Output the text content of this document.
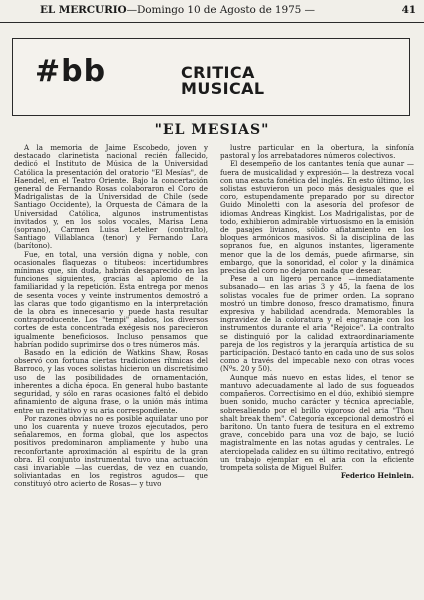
EL MERCURIO—Domingo 10 de Agosto de 1975 —	41
#bb	CRITICA
MUSICAL
"EL MESIAS"

A la memoria de Jaime Escobedo, joven y destacado clarinetista nacional recién fallecido, dedicó el Instituto de Música de la Universidad Católica la presentación del oratorio "El Mesías", de Haendel, en el Teatro Oriente. Bajo la concertación general de Fernando Rosas colaboraron el Coro de Madrigalistas de la Universidad de Chile (sede Santiago Occidente), la Orquesta de Cámara de la Universidad Católica, algunos instrumentistas invitados y, en los solos vocales, Marisa Lena (soprano), Carmen Luisa Letelier (contralto), Santiago Villablanca (tenor) y Fernando Lara (barítono).

Fue, en total, una versión digna y noble, con ocasionales flaquezas o titubeos: incertidumbres mínimas que, sin duda, habrán desaparecido en las funciones siguientes, gracias al aplomo de la familiaridad y la repetición. Esta entrega por menos de sesenta voces y veinte instrumentos demostró a las claras que todo gigantismo en la interpretación de la obra es innecesario y puede hasta resultar contraproducente. Los "tempi" alados, los diversos cortes de esta concentrada exégesis nos parecieron igualmente beneficiosos. Incluso pensamos que habrían podido suprimirse dos o tres números más.

Basado en la edición de Watkins Shaw, Rosas observó con fortuna ciertas tradiciones rítmicas del Barroco, y las voces solistas hicieron un discretísimo uso de las posibilidades de ornamentación, inherentes a dicha época. En general hubo bastante seguridad, y sólo en raras ocasiones faltó el debido afinamiento de alguna frase, o la unión más íntima entre un recitativo y su aria correspondiente.

Por razones obvias no es posible aquilatar uno por uno los cuarenta y nueve trozos ejecutados, pero señalaremos, en forma global, que los aspectos positivos predominaron ampliamente y hubo una reconfortante aproximación al espíritu de la gran obra. El conjunto instrumental tuvo una actuación casi invariable —las cuerdas, de vez en cuando, soliviantadas en los registros agudos— que constituyó otro acierto de Rosas— y tuvo

lustre particular en la obertura, la sinfonía pastoral y los arrebatadores números colectivos.

El desempeño de los cantantes tenía que aunar —fuera de musicalidad y expresión— la destreza vocal con una exacta fonética del inglés. En esto último, los solistas estuvieron un poco más desiguales que el coro, estupendamente preparado por su director Guido Minoletti con la asesoría del profesor de idiomas Andreas Kingkist. Los Madrigalistas, por de todo, exhibieron admirable virtuosismo en la emisión de pasajes livianos, sólido afiatamiento en los bloques armónicos masivos. Si la disciplina de las sopranos fue, en algunos instantes, ligeramente menor que la de los demás, puede afirmarse, sin embargo, que la sonoridad, el color y la dinámica precisa del coro no dejaron nada que desear.

Pese a un ligero percance —inmediatamente subsanado— en las arias 3 y 45, la faena de los solistas vocales fue de primer orden. La soprano mostró un timbre donoso, fresco dramatismo, finura expresiva y habilidad acendrada. Memorables la ingravidez de la coloratura y el engranaje con los instrumentos durante el aria "Rejoice". La contralto se distinguió por la calidad extraordinariamente pareja de los registros y la jerarquía artística de su participación. Destacó tanto en cada uno de sus solos como a través del impecable nexo con otras voces (Nºs. 20 y 50).

Aunque más nuevo en estas lides, el tenor se mantuvo adecuadamente al lado de sus fogueados compañeros. Correctísimo en el dúo, exhibió siempre buen sonido, mucho carácter y técnica apreciable, sobresaliendo por el brillo vigoroso del aria "Thou shalt break them". Categoría excepcional demostró el barítono. Un tanto fuera de tesitura en el extremo grave, concebido para una voz de bajo, se lució magistralmente en las notas agudas y centrales. Le aterciopelada calidez en su último recitativo, entregó un trabajo ejemplar en el aria con la eficiente trompeta solista de Miguel Bulfer.

Federico Heinlein.
